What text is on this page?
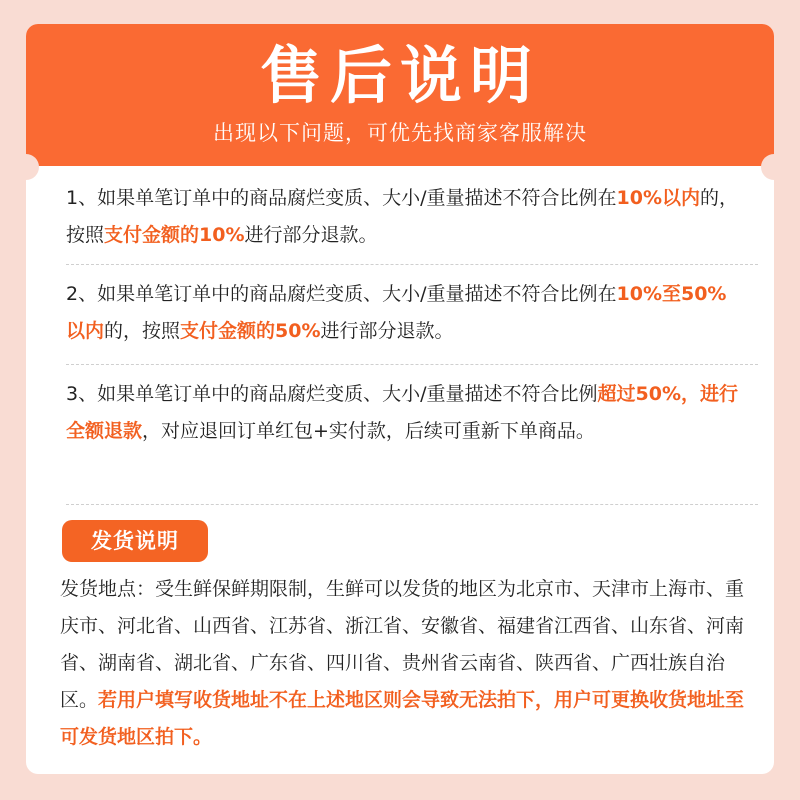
售后说明
出现以下问题，可优先找商家客服解决
1、如果单笔订单中的商品腐烂变质、大小/重量描述不符合比例在10%以内的，按照支付金额的10%进行部分退款。
2、如果单笔订单中的商品腐烂变质、大小/重量描述不符合比例在10%至50%以内的，按照支付金额的50%进行部分退款。
3、如果单笔订单中的商品腐烂变质、大小/重量描述不符合比例超过50%，进行全额退款，对应退回订单红包+实付款，后续可重新下单商品。
发货说明
发货地点：受生鲜保鲜期限制，生鲜可以发货的地区为北京市、天津市上海市、重庆市、河北省、山西省、江苏省、浙江省、安徽省、福建省江西省、山东省、河南省、湖南省、湖北省、广东省、四川省、贵州省云南省、陕西省、广西壮族自治区。若用户填写收货地址不在上述地区则会导致无法拍下，用户可更换收货地址至可发货地区拍下。
